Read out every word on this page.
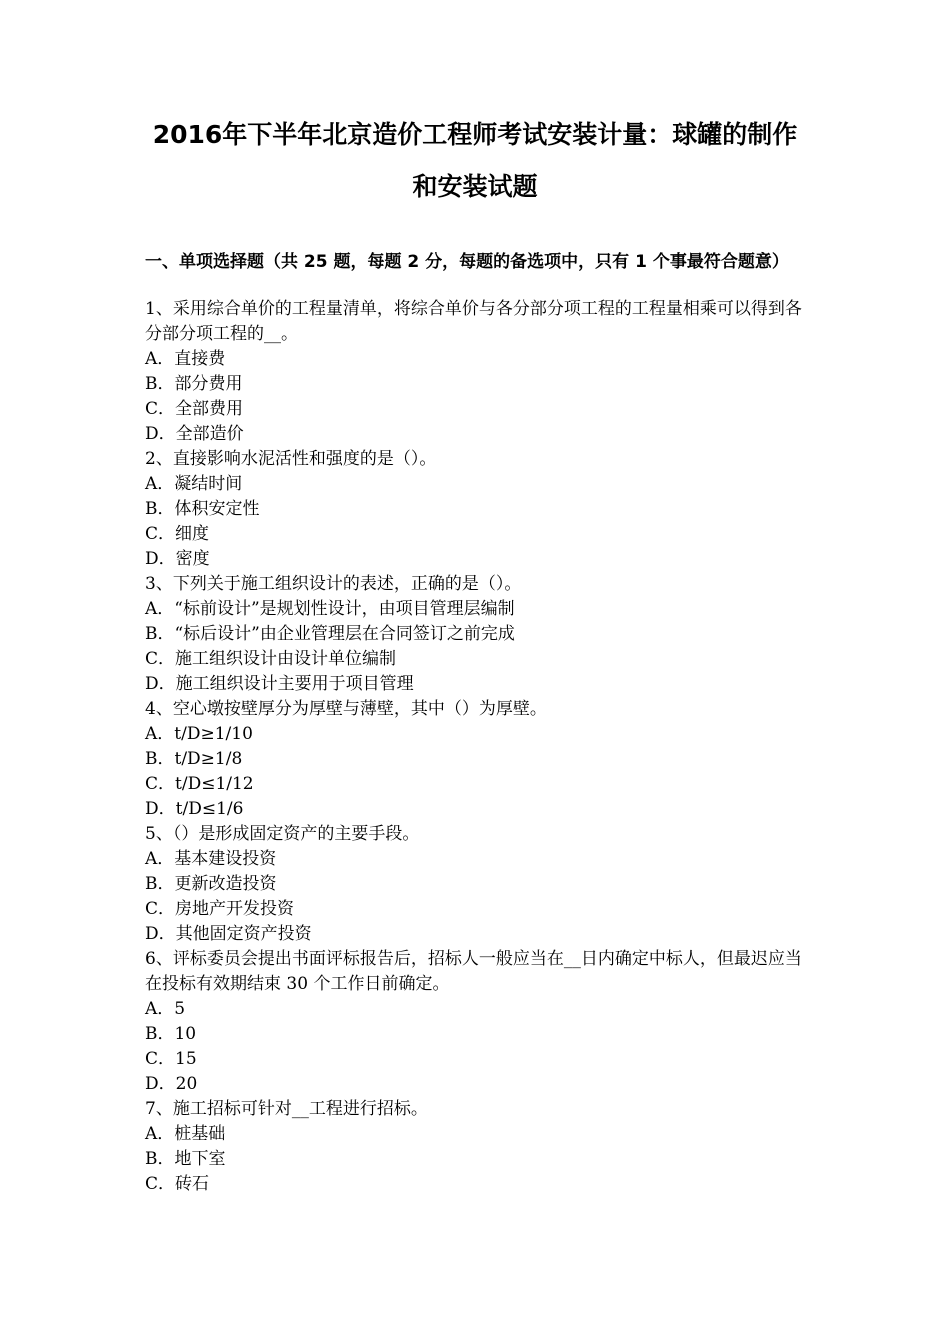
2016年下半年北京造价工程师考试安装计量：球罐的制作
和安装试题
一、单项选择题（共 25 题，每题 2 分，每题的备选项中，只有 1 个事最符合题意）
1、采用综合单价的工程量清单，将综合单价与各分部分项工程的工程量相乘可以得到各分部分项工程的__。
A．直接费
B．部分费用
C．全部费用
D．全部造价
2、直接影响水泥活性和强度的是（）。
A．凝结时间
B．体积安定性
C．细度
D．密度
3、下列关于施工组织设计的表述，正确的是（）。
A．“标前设计”是规划性设计，由项目管理层编制
B．“标后设计”由企业管理层在合同签订之前完成
C．施工组织设计由设计单位编制
D．施工组织设计主要用于项目管理
4、空心墩按壁厚分为厚壁与薄壁，其中（）为厚壁。
A．t/D≥1/10
B．t/D≥1/8
C．t/D≤1/12
D．t/D≤1/6
5、（）是形成固定资产的主要手段。
A．基本建设投资
B．更新改造投资
C．房地产开发投资
D．其他固定资产投资
6、评标委员会提出书面评标报告后，招标人一般应当在__日内确定中标人，但最迟应当在投标有效期结束 30 个工作日前确定。
A．5
B．10
C．15
D．20
7、施工招标可针对__工程进行招标。
A．桩基础
B．地下室
C．砖石
